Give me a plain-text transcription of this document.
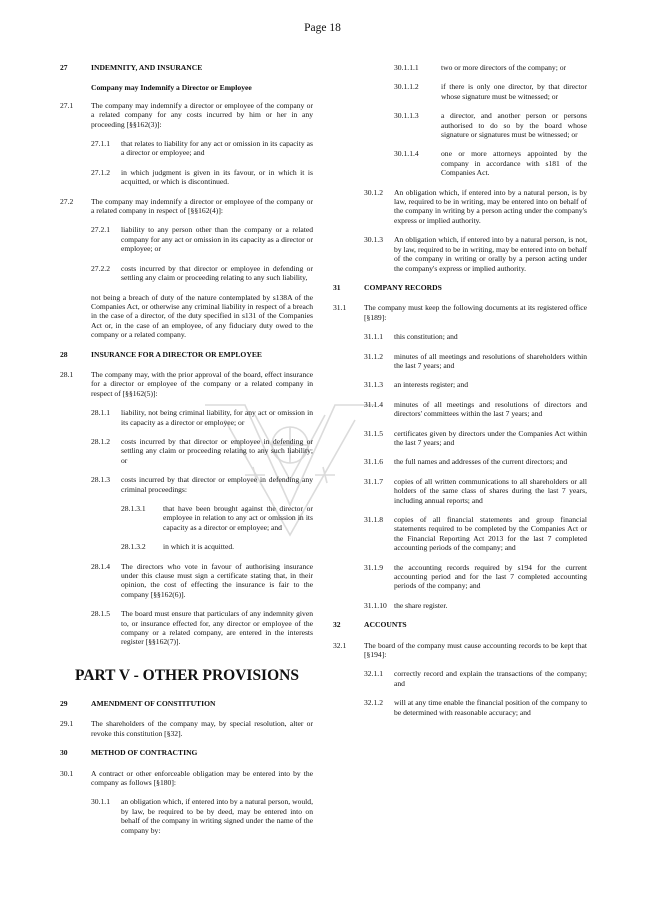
Page 18
27	INDEMNITY, AND INSURANCE
Company may Indemnify a Director or Employee
27.1	The company may indemnify a director or employee of the company or a related company for any costs incurred by him or her in any proceeding [§§162(3)]:
27.1.1	that relates to liability for any act or omission in its capacity as a director or employee; and
27.1.2	in which judgment is given in its favour, or in which it is acquitted, or which is discontinued.
27.2	The company may indemnify a director or employee of the company or a related company in respect of [§§162(4)]:
27.2.1	liability to any person other than the company or a related company for any act or omission in its capacity as a director or employee; or
27.2.2	costs incurred by that director or employee in defending or settling any claim or proceeding relating to any such liability,
not being a breach of duty of the nature contemplated by s138A of the Companies Act, or otherwise any criminal liability in respect of a breach in the case of a director, of the duty specified in s131 of the Companies Act or, in the case of an employee, of any fiduciary duty owed to the company or a related company.
28	INSURANCE FOR A DIRECTOR OR EMPLOYEE
28.1	The company may, with the prior approval of the board, effect insurance for a director or employee of the company or a related company in respect of [§§162(5)]:
28.1.1	liability, not being criminal liability, for any act or omission in its capacity as a director or employee; or
28.1.2	costs incurred by that director or employee in defending or settling any claim or proceeding relating to any such liability; or
28.1.3	costs incurred by that director or employee in defending any criminal proceedings:
28.1.3.1	that have been brought against the director or employee in relation to any act or omission in its capacity as a director or employee; and
28.1.3.2	in which it is acquitted.
28.1.4	The directors who vote in favour of authorising insurance under this clause must sign a certificate stating that, in their opinion, the cost of effecting the insurance is fair to the company [§§162(6)].
28.1.5	The board must ensure that particulars of any indemnity given to, or insurance effected for, any director or employee of the company or a related company, are entered in the interests register [§§162(7)].
PART V - OTHER PROVISIONS
29	AMENDMENT OF CONSTITUTION
29.1	The shareholders of the company may, by special resolution, alter or revoke this constitution [§32].
30	METHOD OF CONTRACTING
30.1	A contract or other enforceable obligation may be entered into by the company as follows [§180]:
30.1.1	an obligation which, if entered into by a natural person, would, by law, be required to be by deed, may be entered into on behalf of the company in writing signed under the name of the company by:
30.1.1.1	two or more directors of the company; or
30.1.1.2	if there is only one director, by that director whose signature must be witnessed; or
30.1.1.3	a director, and another person or persons authorised to do so by the board whose signature or signatures must be witnessed; or
30.1.1.4	one or more attorneys appointed by the company in accordance with s181 of the Companies Act.
30.1.2	An obligation which, if entered into by a natural person, is by law, required to be in writing, may be entered into on behalf of the company in writing by a person acting under the company's express or implied authority.
30.1.3	An obligation which, if entered into by a natural person, is not, by law, required to be in writing, may be entered into on behalf of the company in writing or orally by a person acting under the company's express or implied authority.
31	COMPANY RECORDS
31.1	The company must keep the following documents at its registered office [§189]:
31.1.1	this constitution; and
31.1.2	minutes of all meetings and resolutions of shareholders within the last 7 years; and
31.1.3	an interests register; and
31.1.4	minutes of all meetings and resolutions of directors and directors' committees within the last 7 years; and
31.1.5	certificates given by directors under the Companies Act within the last 7 years; and
31.1.6	the full names and addresses of the current directors; and
31.1.7	copies of all written communications to all shareholders or all holders of the same class of shares during the last 7 years, including annual reports; and
31.1.8	copies of all financial statements and group financial statements required to be completed by the Companies Act or the Financial Reporting Act 2013 for the last 7 completed accounting periods of the company; and
31.1.9	the accounting records required by s194 for the current accounting period and for the last 7 completed accounting periods of the company; and
31.1.10 the share register.
32	ACCOUNTS
32.1	The board of the company must cause accounting records to be kept that [§194]:
32.1.1	correctly record and explain the transactions of the company; and
32.1.2	will at any time enable the financial position of the company to be determined with reasonable accuracy; and
